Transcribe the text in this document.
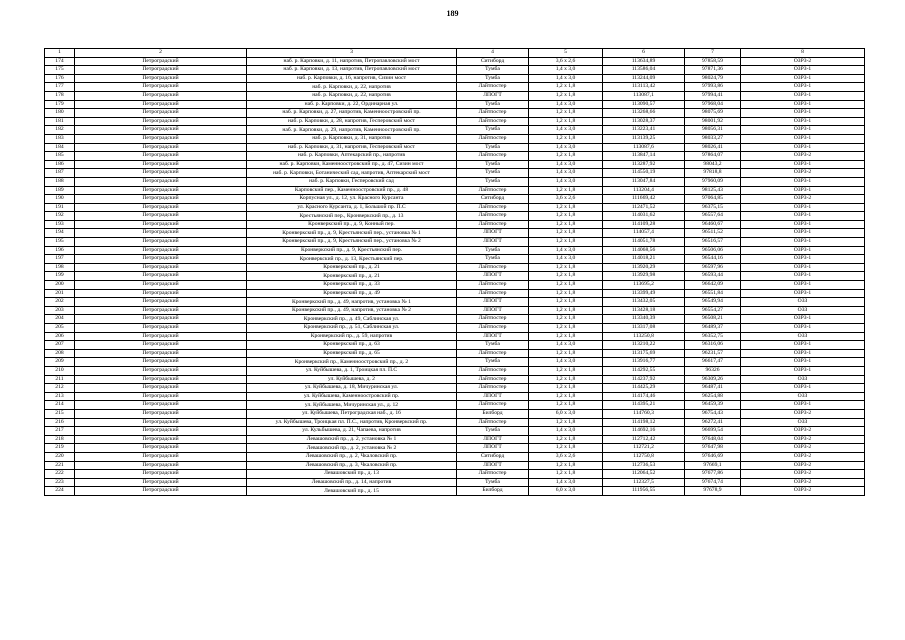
189
1	2	3	4	5	6	7	8
174	Петроградский	наб. р. Карповки, д. 11, напротив, Петропавловский мост	Ситиборд	3,6 x 2,6	113634,89	97858,59	ОЗРЗ-2
175	Петроградский	наб. р. Карповки, д. 13, напротив, Петропавловский мост	Тумба	1,4 x 3,0	113586,04	97871,36	ОЗРЗ-1
176	Петроградский	наб. р. Карповки, д. 16, напротив, Сизин мост	Тумба	1,4 x 3,0	113244,09	98024,79	ОЗРЗ-1
177	Петроградский	наб. р. Карповки, д. 22, напротив	Лайтпостер	1,2 x 1,8	113113,42	97993,86	ОЗРЗ-1
178	Петроградский	наб. р. Карповки, д. 22, напротив	ЛПОГТ	1,2 x 1,8	113087,1	97994,41	ОЗРЗ-1
179	Петроградский	наб. р. Карповки, д. 22, Ординарная ул.	Тумба	1,4 x 3,0	113090,57	97968,04	ОЗРЗ-1
180	Петроградский	наб. р. Карповки, д. 27, напротив, Каменноостровский пр.	Лайтпостер	1,2 x 1,8	113268,66	98075,69	ОЗРЗ-1
181	Петроградский	наб. р. Карповки, д. 28, напротив, Гесперовский мост	Лайтпостер	1,2 x 1,8	113028,37	98001,92	ОЗРЗ-1
182	Петроградский	наб. р. Карповки, д. 29, напротив, Каменноостровский пр.	Тумба	1,4 x 3,0	113223,41	98056,31	ОЗРЗ-1
183	Петроградский	наб. р. Карповки, д. 31, напротив	Лайтпостер	1,2 x 1,8	113139,25	98033,27	ОЗРЗ-1
184	Петроградский	наб. р. Карповки, д. 31, напротив, Гесперовский мост	Тумба	1,4 x 3,0	113087,6	98026,41	ОЗРЗ-1
185	Петроградский	наб. р. Карповки, Аптекарский пр., напротив	Лайтпостер	1,2 x 1,8	113847,14	97864,07	ОЗРЗ-2
186	Петроградский	наб. р. Карповки, Каменноостровский пр., д. 47, Сизин мост	Тумба	1,4 x 3,0	113287,92	98043,2	ОЗРЗ-1
187	Петроградский	наб. р. Карповки, Ботанический сад, напротив, Аптекарский мост	Тумба	1,4 x 3,0	114550,19	97818,8	ОЗРЗ-2
188	Петроградский	наб. р. Карповки, Гесперовский сад	Тумба	1,4 x 3,0	113047,84	97960,09	ОЗРЗ-1
189	Петроградский	Карповский пер., Каменноостровский пр., д. 48	Лайтпостер	1,2 x 1,8	113204,4	98125,43	ОЗРЗ-1
190	Петроградский	Корпусная ул., д. 12, ул. Красного Курсанта	Ситиборд	3,6 x 2,6	111669,42	97064,85	ОЗРЗ-2
191	Петроградский	ул. Красного Курсанта, д. 1, Большой пр. П.С	Лайтпостер	1,2 x 1,8	112471,52	96375,15	ОЗРЗ-1
192	Петроградский	Крестьянский пер., Кронверкский пр., д. 13	Лайтпостер	1,2 x 1,8	114031,62	96557,64	ОЗРЗ-1
193	Петроградский	Кронверкский пр., д. 9, Конный пер.	Лайтпостер	1,2 x 1,8	114109,28	96460,67	ОЗРЗ-1
194	Петроградский	Кронверкский пр., д. 9, Крестьянский пер., установка № 1	ЛПОГТ	1,2 x 1,8	114057,4	96511,52	ОЗРЗ-1
195	Петроградский	Кронверкский пр., д. 9, Крестьянский пер., установка № 2	ЛПОГТ	1,2 x 1,8	114051,78	96516,57	ОЗРЗ-1
196	Петроградский	Кронверкский пр., д. 9, Крестьянский пер.	Тумба	1,4 x 3,0	114068,56	96506,06	ОЗРЗ-1
197	Петроградский	Кронверкский пр., д. 13, Крестьянский пер.	Тумба	1,4 x 3,0	114018,21	96544,16	ОЗРЗ-1
198	Петроградский	Кронверкский пр., д. 21	Лайтпостер	1,2 x 1,8	113920,29	96597,96	ОЗРЗ-1
199	Петроградский	Кронверкский пр., д. 21	ЛПОГТ	1,2 x 1,8	113929,98	96593,44	ОЗРЗ-1
200	Петроградский	Кронверкский пр., д. 33	Лайтпостер	1,2 x 1,8	113695,2	96642,09	ОЗРЗ-1
201	Петроградский	Кронверкский пр., д. 49	Лайтпостер	1,2 x 1,8	113399,49	96551,84	ОЗРЗ-1
202	Петроградский	Кронверкский пр., д. 49, напротив, установка № 1	ЛПОГТ	1,2 x 1,8	113432,05	96549,94	ОЗЗ
203	Петроградский	Кронверкский пр., д. 49, напротив, установка № 2	ЛПОГТ	1,2 x 1,8	113428,18	96554,27	ОЗЗ
204	Петроградский	Кронверкский пр., д. 49, Саблинская ул.	Лайтпостер	1,2 x 1,8	113340,39	96508,21	ОЗРЗ-1
205	Петроградский	Кронверкский пр., д. 51, Саблинская ул.	Лайтпостер	1,2 x 1,8	113317,08	96489,37	ОЗРЗ-1
206	Петроградский	Кронверкский пр., д. 59, напротив	ЛПОГТ	1,2 x 1,8	113250,8	96352,75	ОЗЗ
207	Петроградский	Кронверкский пр., д. 63	Тумба	1,4 x 3,0	113210,22	96316,06	ОЗРЗ-1
208	Петроградский	Кронверкский пр., д. 65	Лайтпостер	1,2 x 1,8	113175,69	96231,57	ОЗРЗ-1
209	Петроградский	Кронверкский пр., Каменноостровский пр., д. 2	Тумба	1,4 x 3,0	113916,77	96617,47	ОЗРЗ-1
210	Петроградский	ул. Куйбышева, д. 1, Троицкая пл. П.С	Лайтпостер	1,2 x 1,8	114292,55	96326	ОЗРЗ-1
211	Петроградский	ул. Куйбышева, д. 2	Лайтпостер	1,2 x 1,8	114237,92	96309,26	ОЗЗ
212	Петроградский	ул. Куйбышева, д. 18, Мичуринская ул.	Лайтпостер	1,2 x 1,8	114425,29	96487,41	ОЗРЗ-1
213	Петроградский	ул. Куйбышева, Каменноостровский пр.	ЛПОГТ	1,2 x 1,8	114174,46	96254,88	ОЗЗ
214	Петроградский	ул. Куйбышева, Мичуринская ул., д. 12	Лайтпостер	1,2 x 1,8	114395,21	96459,39	ОЗРЗ-1
215	Петроградский	ул. Куйбышева, Петроградская наб., д. 16	Билборд	6,0 x 3,0	114760,3	96754,43	ОЗРЗ-2
216	Петроградский	ул. Куйбышева, Троицкая пл. П.С., напротив, Кронверкский пр.	Лайтпостер	1,2 x 1,8	114198,12	96272,41	ОЗЗ
217	Петроградский	ул. Кульбышева, д. 21, Чапаева, напротив	Тумба	1,4 x 3,0	114692,16	96699,54	ОЗРЗ-2
218	Петроградский	Левашовский пр., д. 2, установка № 1	ЛПОГТ	1,2 x 1,8	112712,42	97648,04	ОЗРЗ-2
219	Петроградский	Левашовский пр., д. 2, установка № 2	ЛПОГТ	1,2 x 1,8	112721,2	97647,98	ОЗРЗ-2
220	Петроградский	Левашовский пр., д. 2, Чкаловский пр.	Ситиборд	3,6 x 2,6	112750,8	97646,69	ОЗРЗ-2
221	Петроградский	Левашовский пр., д. 3, Чкаловский пр.	ЛПОГТ	1,2 x 1,8	112736,53	97669,1	ОЗРЗ-2
222	Петроградский	Левашовский пр., д. 13	Лайтпостер	1,2 x 1,8	112064,52	97677,86	ОЗРЗ-2
223	Петроградский	Левашовский пр., д. 14, напротив	Тумба	1,4 x 3,0	112327,5	97674,74	ОЗРЗ-2
224	Петроградский	Левашовский пр., д. 15	Билборд	6,0 x 3,0	111956,55	97678,9	ОЗРЗ-2
